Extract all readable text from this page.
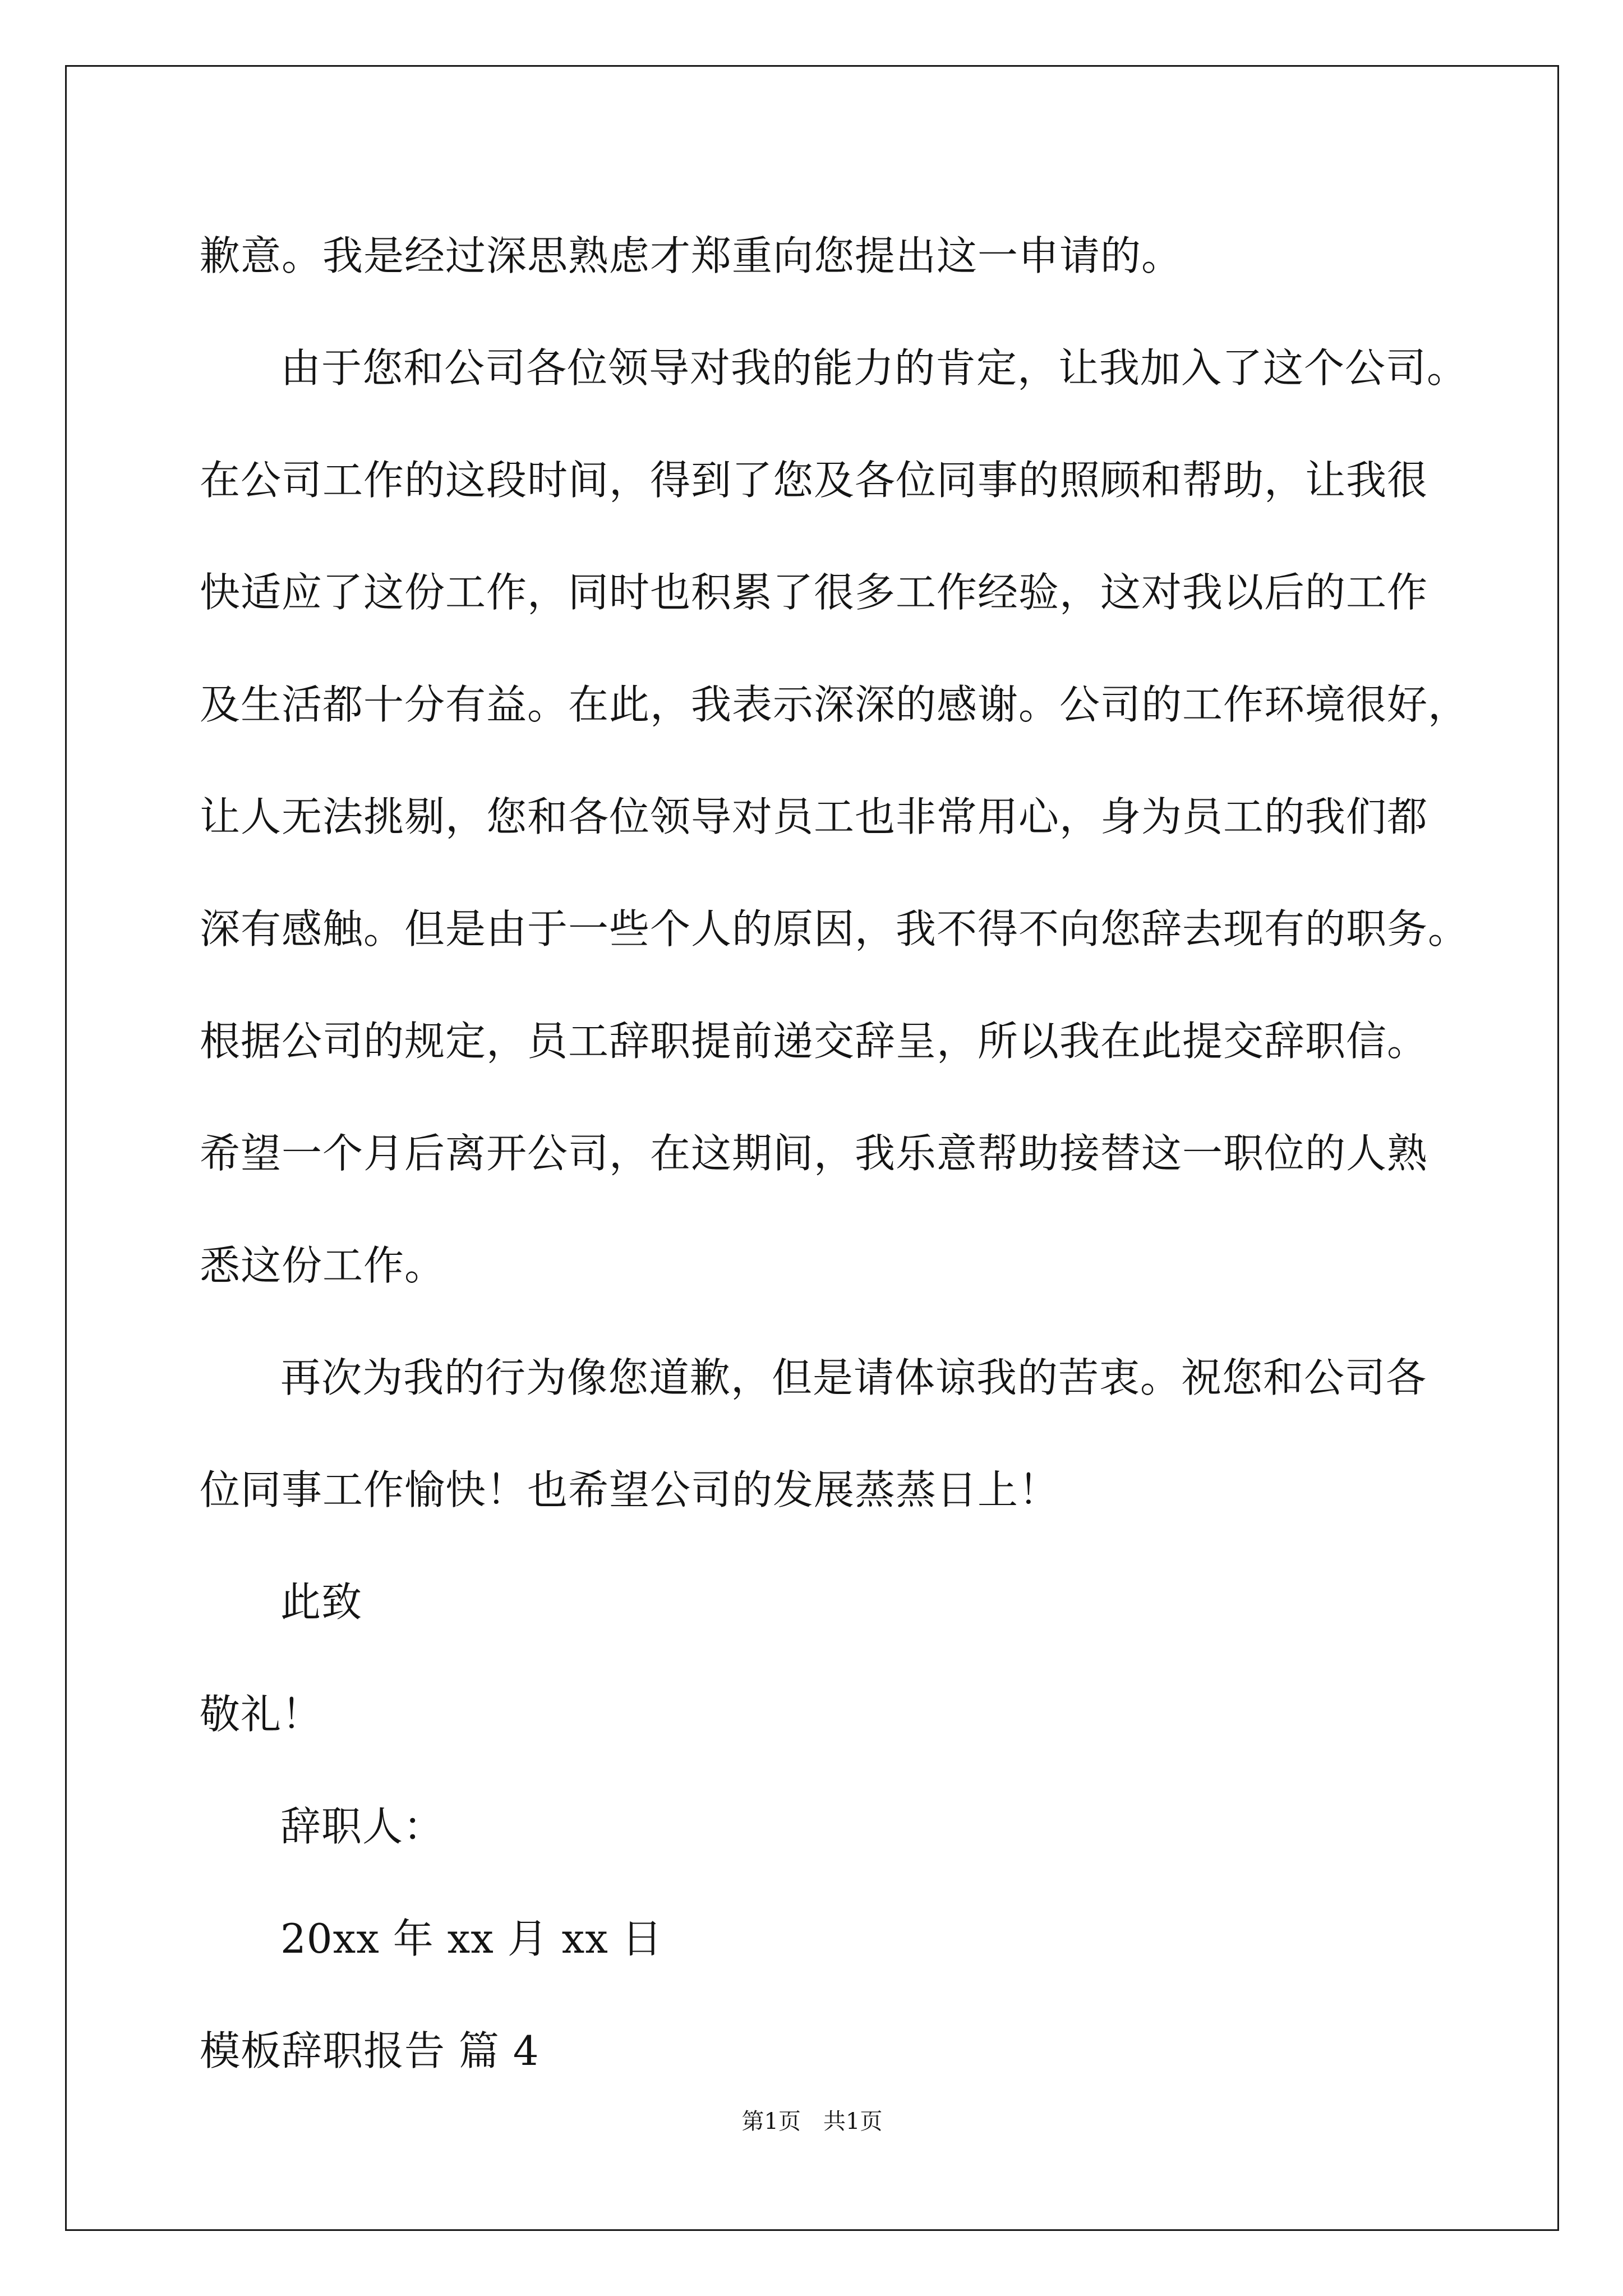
歉意。我是经过深思熟虑才郑重向您提出这一申请的。
由于您和公司各位领导对我的能力的肯定，让我加入了这个公司。
在公司工作的这段时间，得到了您及各位同事的照顾和帮助，让我很
快适应了这份工作，同时也积累了很多工作经验，这对我以后的工作
及生活都十分有益。在此，我表示深深的感谢。公司的工作环境很好，
让人无法挑剔，您和各位领导对员工也非常用心，身为员工的我们都
深有感触。但是由于一些个人的原因，我不得不向您辞去现有的职务。
根据公司的规定，员工辞职提前递交辞呈，所以我在此提交辞职信。
希望一个月后离开公司，在这期间，我乐意帮助接替这一职位的人熟
悉这份工作。
再次为我的行为像您道歉，但是请体谅我的苦衷。祝您和公司各
位同事工作愉快！也希望公司的发展蒸蒸日上！
此致
敬礼！
辞职人：
20xx 年 xx 月 xx 日
模板辞职报告 篇 4
第1页　共1页
